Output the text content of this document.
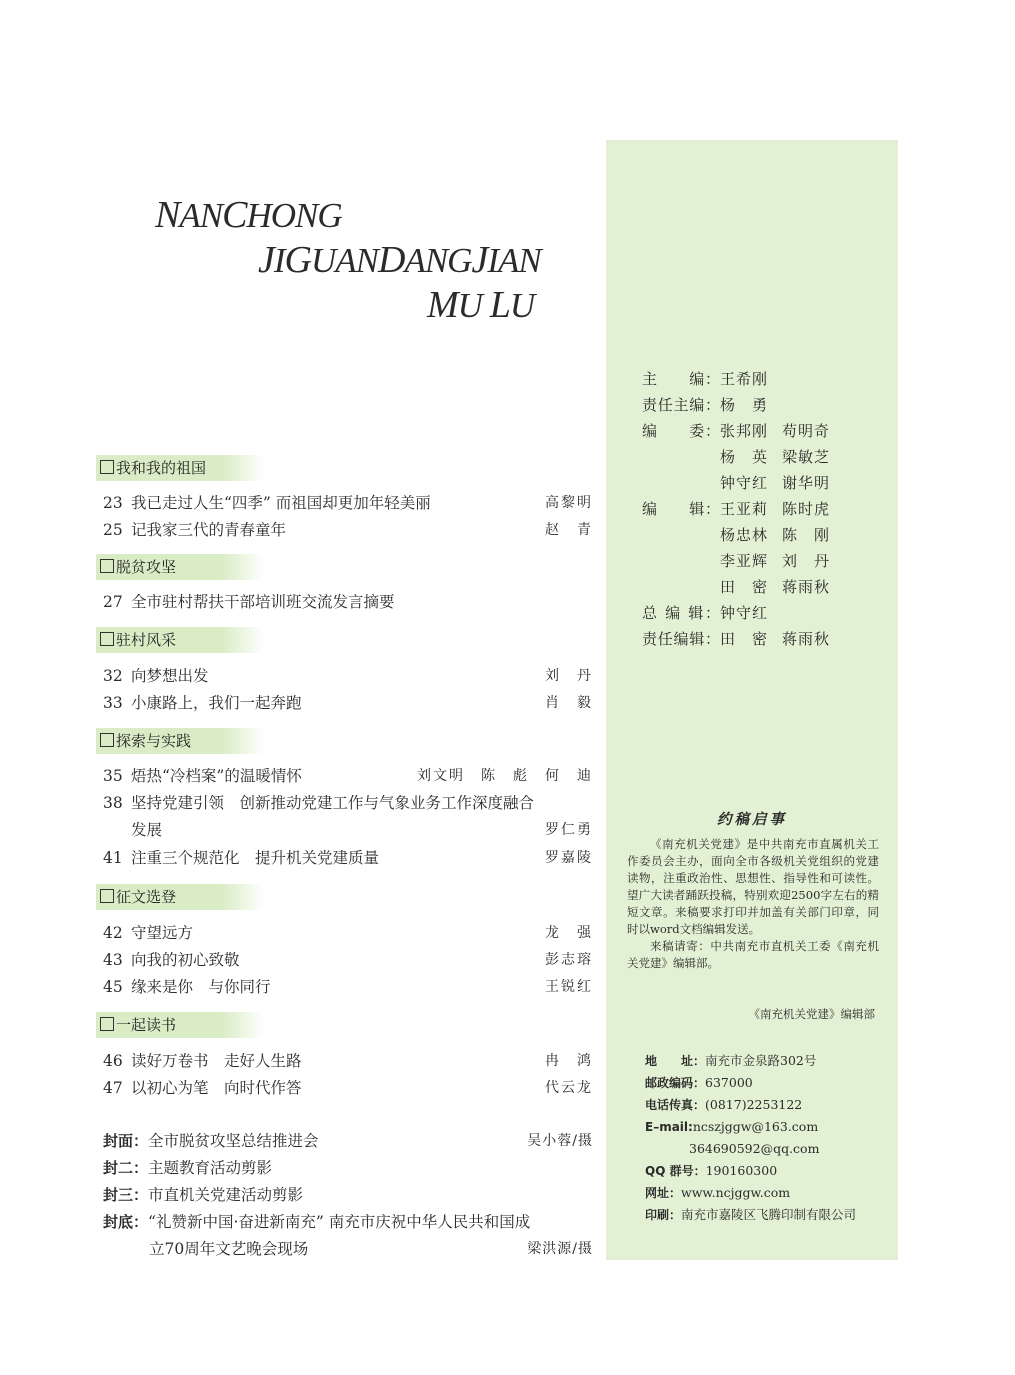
NANCHONG
JIGUANDANGJIAN
MU LU
我和我的祖国
23 我已走过人生“四季” 而祖国却更加年轻美丽	高黎明
25 记我家三代的青春童年	赵　青
脱贫攻坚
27 全市驻村帮扶干部培训班交流发言摘要
驻村风采
32 向梦想出发	刘　丹
33 小康路上，我们一起奔跑	肖　毅
探索与实践
35 焐热“冷档案”的温暖情怀	刘文明　陈　彪　何　迪
38 坚持党建引领　创新推动党建工作与气象业务工作深度融合
发展	罗仁勇
41 注重三个规范化　提升机关党建质量	罗嘉陵
征文选登
42 守望远方	龙　强
43 向我的初心致敬	彭志瑢
45 缘来是你　与你同行	王锐红
一起读书
46 读好万卷书　走好人生路	冉　鸿
47 以初心为笔　向时代作答	代云龙
封面：全市脱贫攻坚总结推进会	吴小蓉/摄
封二：主题教育活动剪影
封三：市直机关党建活动剪影
封底：“礼赞新中国·奋进新南充” 南充市庆祝中华人民共和国成
立70周年文艺晚会现场	梁洪源/摄
主　　编：王希刚
责任主编：杨　勇
编　　委：张邦刚 苟明奇
杨　英 梁敏芝
钟守红 谢华明
编　　辑：王亚莉 陈时虎
杨忠林 陈　刚
李亚辉 刘　丹
田　密 蒋雨秋
总 编 辑：钟守红
责任编辑：田　密 蒋雨秋
约稿启事

《南充机关党建》是中共南充市直属机关工作委员会主办，面向全市各级机关党组织的党建读物，注重政治性、思想性、指导性和可读性。望广大读者踊跃投稿，特别欢迎2500字左右的精短文章。来稿要求打印并加盖有关部门印章，同时以word文档编辑发送。

来稿请寄：中共南充市直机关工委《南充机关党建》编辑部。

《南充机关党建》编辑部
地　　址：南充市金泉路302号
邮政编码：637000
电话传真：(0817)2253122
E–mail:ncszjggw@163.com
364690592@qq.com
QQ 群号：190160300
网址：www.ncjggw.com
印刷：南充市嘉陵区飞腾印制有限公司
